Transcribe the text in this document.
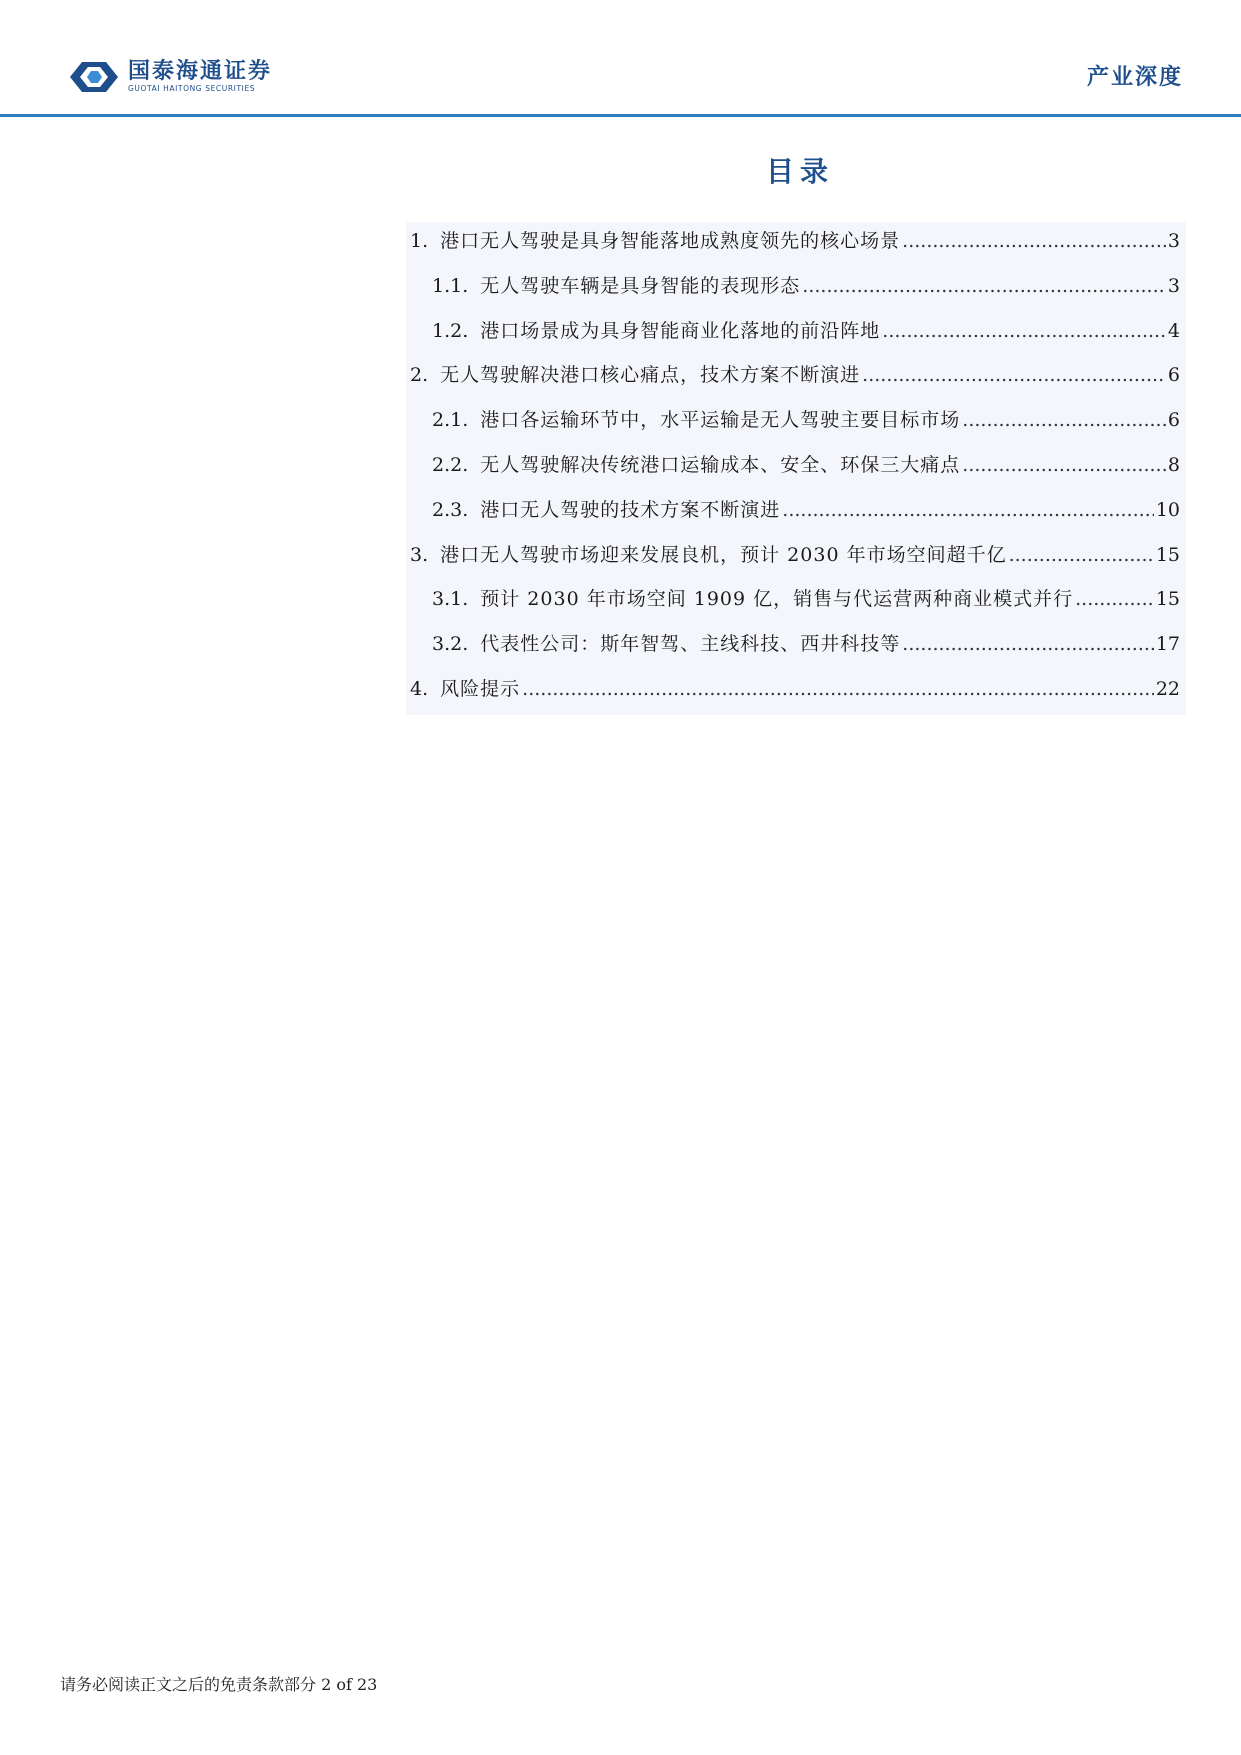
国泰海通证券
GUOTAI HAITONG SECURITIES	产业深度
目录
1. 港口无人驾驶是具身智能落地成熟度领先的核心场景 .....	3
1.1. 无人驾驶车辆是具身智能的表现形态 .....	3
1.2. 港口场景成为具身智能商业化落地的前沿阵地 .....	4
2. 无人驾驶解决港口核心痛点，技术方案不断演进 .....	6
2.1. 港口各运输环节中，水平运输是无人驾驶主要目标市场 .....	6
2.2. 无人驾驶解决传统港口运输成本、安全、环保三大痛点 .....	8
2.3. 港口无人驾驶的技术方案不断演进 .....	10
3. 港口无人驾驶市场迎来发展良机，预计 2030 年市场空间超千亿 .....	15
3.1. 预计 2030 年市场空间 1909 亿，销售与代运营两种商业模式并行 .....	15
3.2. 代表性公司：斯年智驾、主线科技、西井科技等 .....	17
4. 风险提示 .....	22
请务必阅读正文之后的免责条款部分 2 of 23
